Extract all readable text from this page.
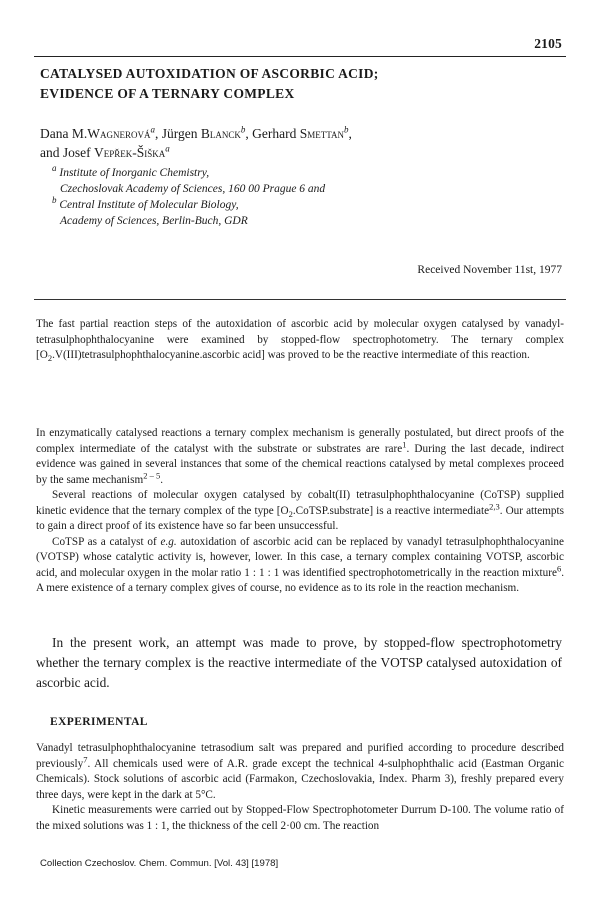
2105
CATALYSED AUTOXIDATION OF ASCORBIC ACID;
EVIDENCE OF A TERNARY COMPLEX
Dana M.Wagnerová$^a$, Jürgen Blanck$^b$, Gerhard Smettan$^b$,
and Josef Vepřek-Šiška$^a$
$^a$ Institute of Inorganic Chemistry,
Czechoslovak Academy of Sciences, 160 00 Prague 6 and
$^b$ Central Institute of Molecular Biology,
Academy of Sciences, Berlin-Buch, GDR
Received November 11st, 1977
The fast partial reaction steps of the autoxidation of ascorbic acid by molecular oxygen catalysed by vanadyl-tetrasulphophthalocyanine were examined by stopped-flow spectrophotometry. The ternary complex [$O_2.V(III)tetrasulphophthalocyanine.ascorbic$ acid] was proved to be the reactive intermediate of this reaction.

In enzymatically catalysed reactions a ternary complex mechanism is generally postulated, but direct proofs of the complex intermediate of the catalyst with the substrate or substrates are rare$^1$. During the last decade, indirect evidence was gained in several instances that some of the chemical reactions catalysed by metal complexes proceed by the same mechanism$^{2 - 5}$.

Several reactions of molecular oxygen catalysed by cobalt(II) tetrasulphophthalocyanine (CoTSP) supplied kinetic evidence that the ternary complex of the type $[O_2.CoTSP.substrate]$ is a reactive intermediate$^{2,3}$. Our attempts to gain a direct proof of its existence have so far been unsuccessful.

CoTSP as a catalyst of e.g. autoxidation of ascorbic acid can be replaced by vanadyl tetrasulphophthalocyanine (VOTSP) whose catalytic activity is, however, lower. In this case, a ternary complex containing VOTSP, ascorbic acid, and molecular oxygen in the molar ratio 1 : 1 : 1 was identified spectrophotometrically in the reaction mixture$^6$. A mere existence of a ternary complex gives of course, no evidence as to its role in the reaction mechanism.

In the present work, an attempt was made to prove, by stopped-flow spectrophotometry whether the ternary complex is the reactive intermediate of the VOTSP catalysed autoxidation of ascorbic acid.

EXPERIMENTAL

Vanadyl tetrasulphophthalocyanine tetrasodium salt was prepared and purified according to procedure described previously$^7$. All chemicals used were of A.R. grade except the technical 4-sulphophthalic acid (Eastman Organic Chemicals). Stock solutions of ascorbic acid (Farmakon, Czechoslovakia, Index. Pharm 3), freshly prepared every three days, were kept in the dark at 5°C.

Kinetic measurements were carried out by Stopped-Flow Spectrophotometer Durrum D-100. The volume ratio of the mixed solutions was 1 : 1, the thickness of the cell 2·00 cm. The reaction

Collection Czechoslov. Chem. Commun. [Vol. 43] [1978]
